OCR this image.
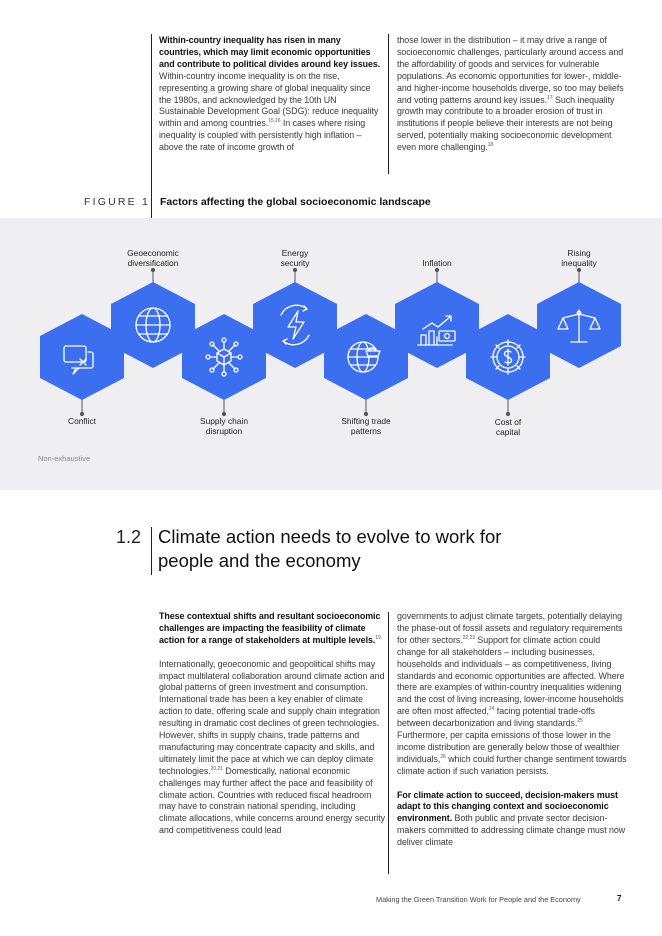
Within-country inequality has risen in many countries, which may limit economic opportunities and contribute to political divides around key issues. Within-country income inequality is on the rise, representing a growing share of global inequality since the 1980s, and acknowledged by the 10th UN Sustainable Development Goal (SDG): reduce inequality within and among countries.$^{15,16}$ In cases where rising inequality is coupled with persistently high inflation – above the rate of income growth of

those lower in the distribution – it may drive a range of socioeconomic challenges, particularly around access and the affordability of goods and services for vulnerable populations. As economic opportunities for lower-, middle- and higher-income households diverge, so too may beliefs and voting patterns around key issues.$^{17}$ Such inequality growth may contribute to a broader erosion of trust in institutions if people believe their interests are not being served, potentially making socioeconomic development even more challenging.$^{18}$

FIGURE 1 Factors affecting the global socioeconomic landscape
Conflict
Geoeconomic diversification
Supply chain disruption
Energy security
Shifting trade patterns
Inflation
Cost of capital
Rising inequality
Non-exhaustive
1.2 Climate action needs to evolve to work for people and the economy

These contextual shifts and resultant socioeconomic challenges are impacting the feasibility of climate action for a range of stakeholders at multiple levels.$^{19}$

Internationally, geoeconomic and geopolitical shifts may impact multilateral collaboration around climate action and global patterns of green investment and consumption. International trade has been a key enabler of climate action to date, offering scale and supply chain integration resulting in dramatic cost declines of green technologies. However, shifts in supply chains, trade patterns and manufacturing may concentrate capacity and skills, and ultimately limit the pace at which we can deploy climate technologies.$^{20,21}$ Domestically, national economic challenges may further affect the pace and feasibility of climate action. Countries with reduced fiscal headroom may have to constrain national spending, including climate allocations, while concerns around energy security and competitiveness could lead

governments to adjust climate targets, potentially delaying the phase-out of fossil assets and regulatory requirements for other sectors.$^{22,23}$ Support for climate action could change for all stakeholders – including businesses, households and individuals – as competitiveness, living standards and economic opportunities are affected. Where there are examples of within-country inequalities widening and the cost of living increasing, lower-income households are often most affected,$^{24}$ facing potential trade-offs between decarbonization and living standards.$^{25}$ Furthermore, per capita emissions of those lower in the income distribution are generally below those of wealthier individuals,$^{26}$ which could further change sentiment towards climate action if such variation persists.

For climate action to succeed, decision-makers must adapt to this changing context and socioeconomic environment. Both public and private sector decision-makers committed to addressing climate change must now deliver climate

Making the Green Transition Work for People and the Economy	7
